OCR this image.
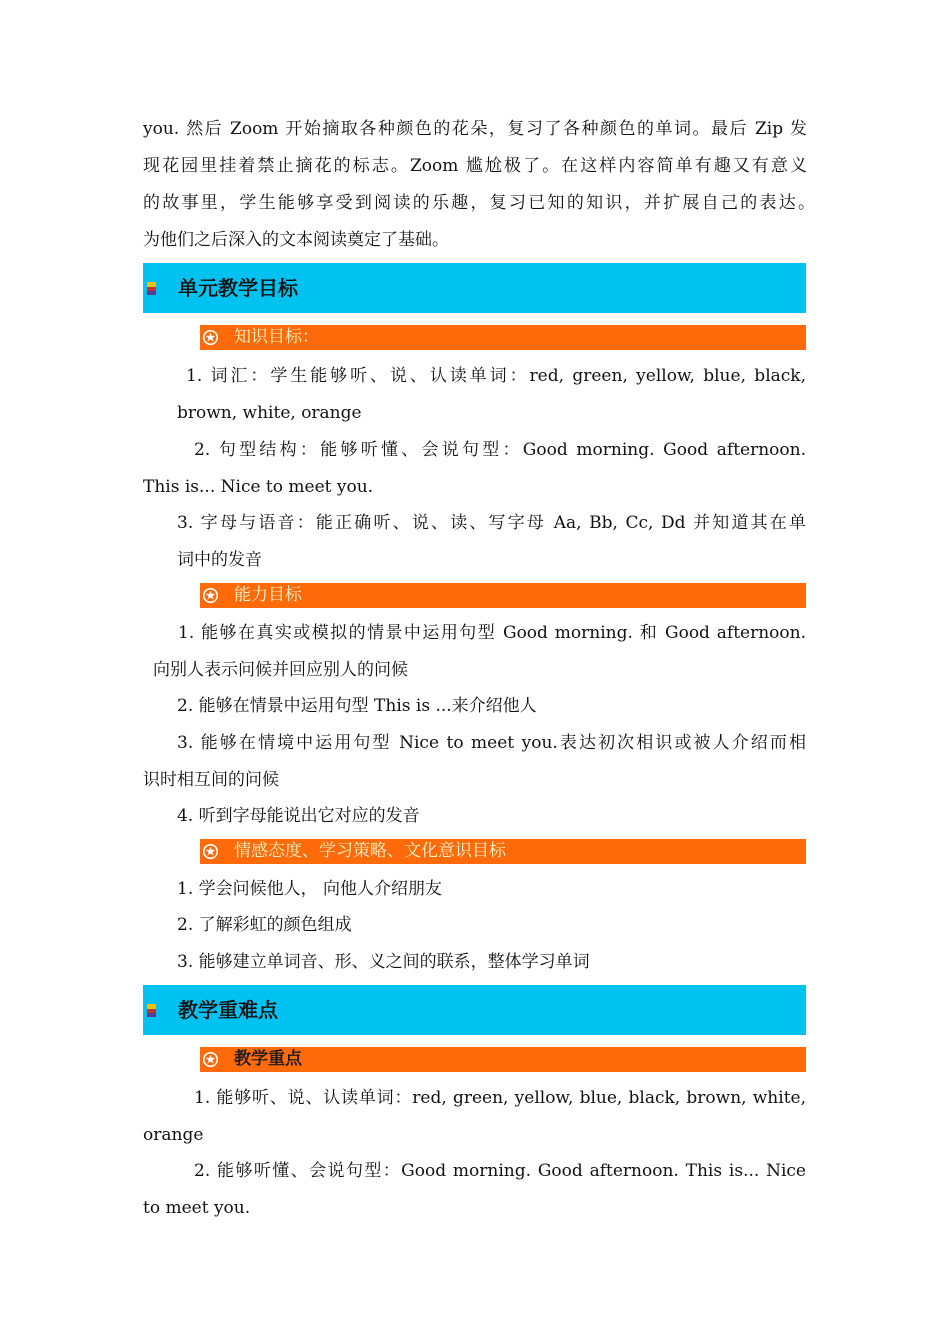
you. 然后 Zoom 开始摘取各种颜色的花朵，复习了各种颜色的单词。最后 Zip 发
现花园里挂着禁止摘花的标志。Zoom 尴尬极了。在这样内容简单有趣又有意义
的故事里，学生能够享受到阅读的乐趣，复习已知的知识，并扩展自己的表达。
为他们之后深入的文本阅读奠定了基础。
单元教学目标
知识目标：
1. 词汇：学生能够听、说、认读单词：red, green, yellow, blue, black,
brown, white, orange
2. 句型结构：能够听懂、会说句型：Good morning. Good afternoon.
This is... Nice to meet you.
3. 字母与语音：能正确听、说、读、写字母 Aa, Bb, Cc, Dd 并知道其在单
词中的发音
能力目标
1. 能够在真实或模拟的情景中运用句型 Good morning. 和 Good afternoon.
向别人表示问候并回应别人的问候
2. 能够在情景中运用句型 This is ...来介绍他人
3. 能够在情境中运用句型 Nice to meet you.表达初次相识或被人介绍而相
识时相互间的问候
4. 听到字母能说出它对应的发音
情感态度、学习策略、文化意识目标
1. 学会问候他人， 向他人介绍朋友
2. 了解彩虹的颜色组成
3. 能够建立单词音、形、义之间的联系，整体学习单词
教学重难点
教学重点
1. 能够听、说、认读单词：red, green, yellow, blue, black, brown, white,
orange
2. 能够听懂、会说句型：Good morning. Good afternoon. This is... Nice
to meet you.
